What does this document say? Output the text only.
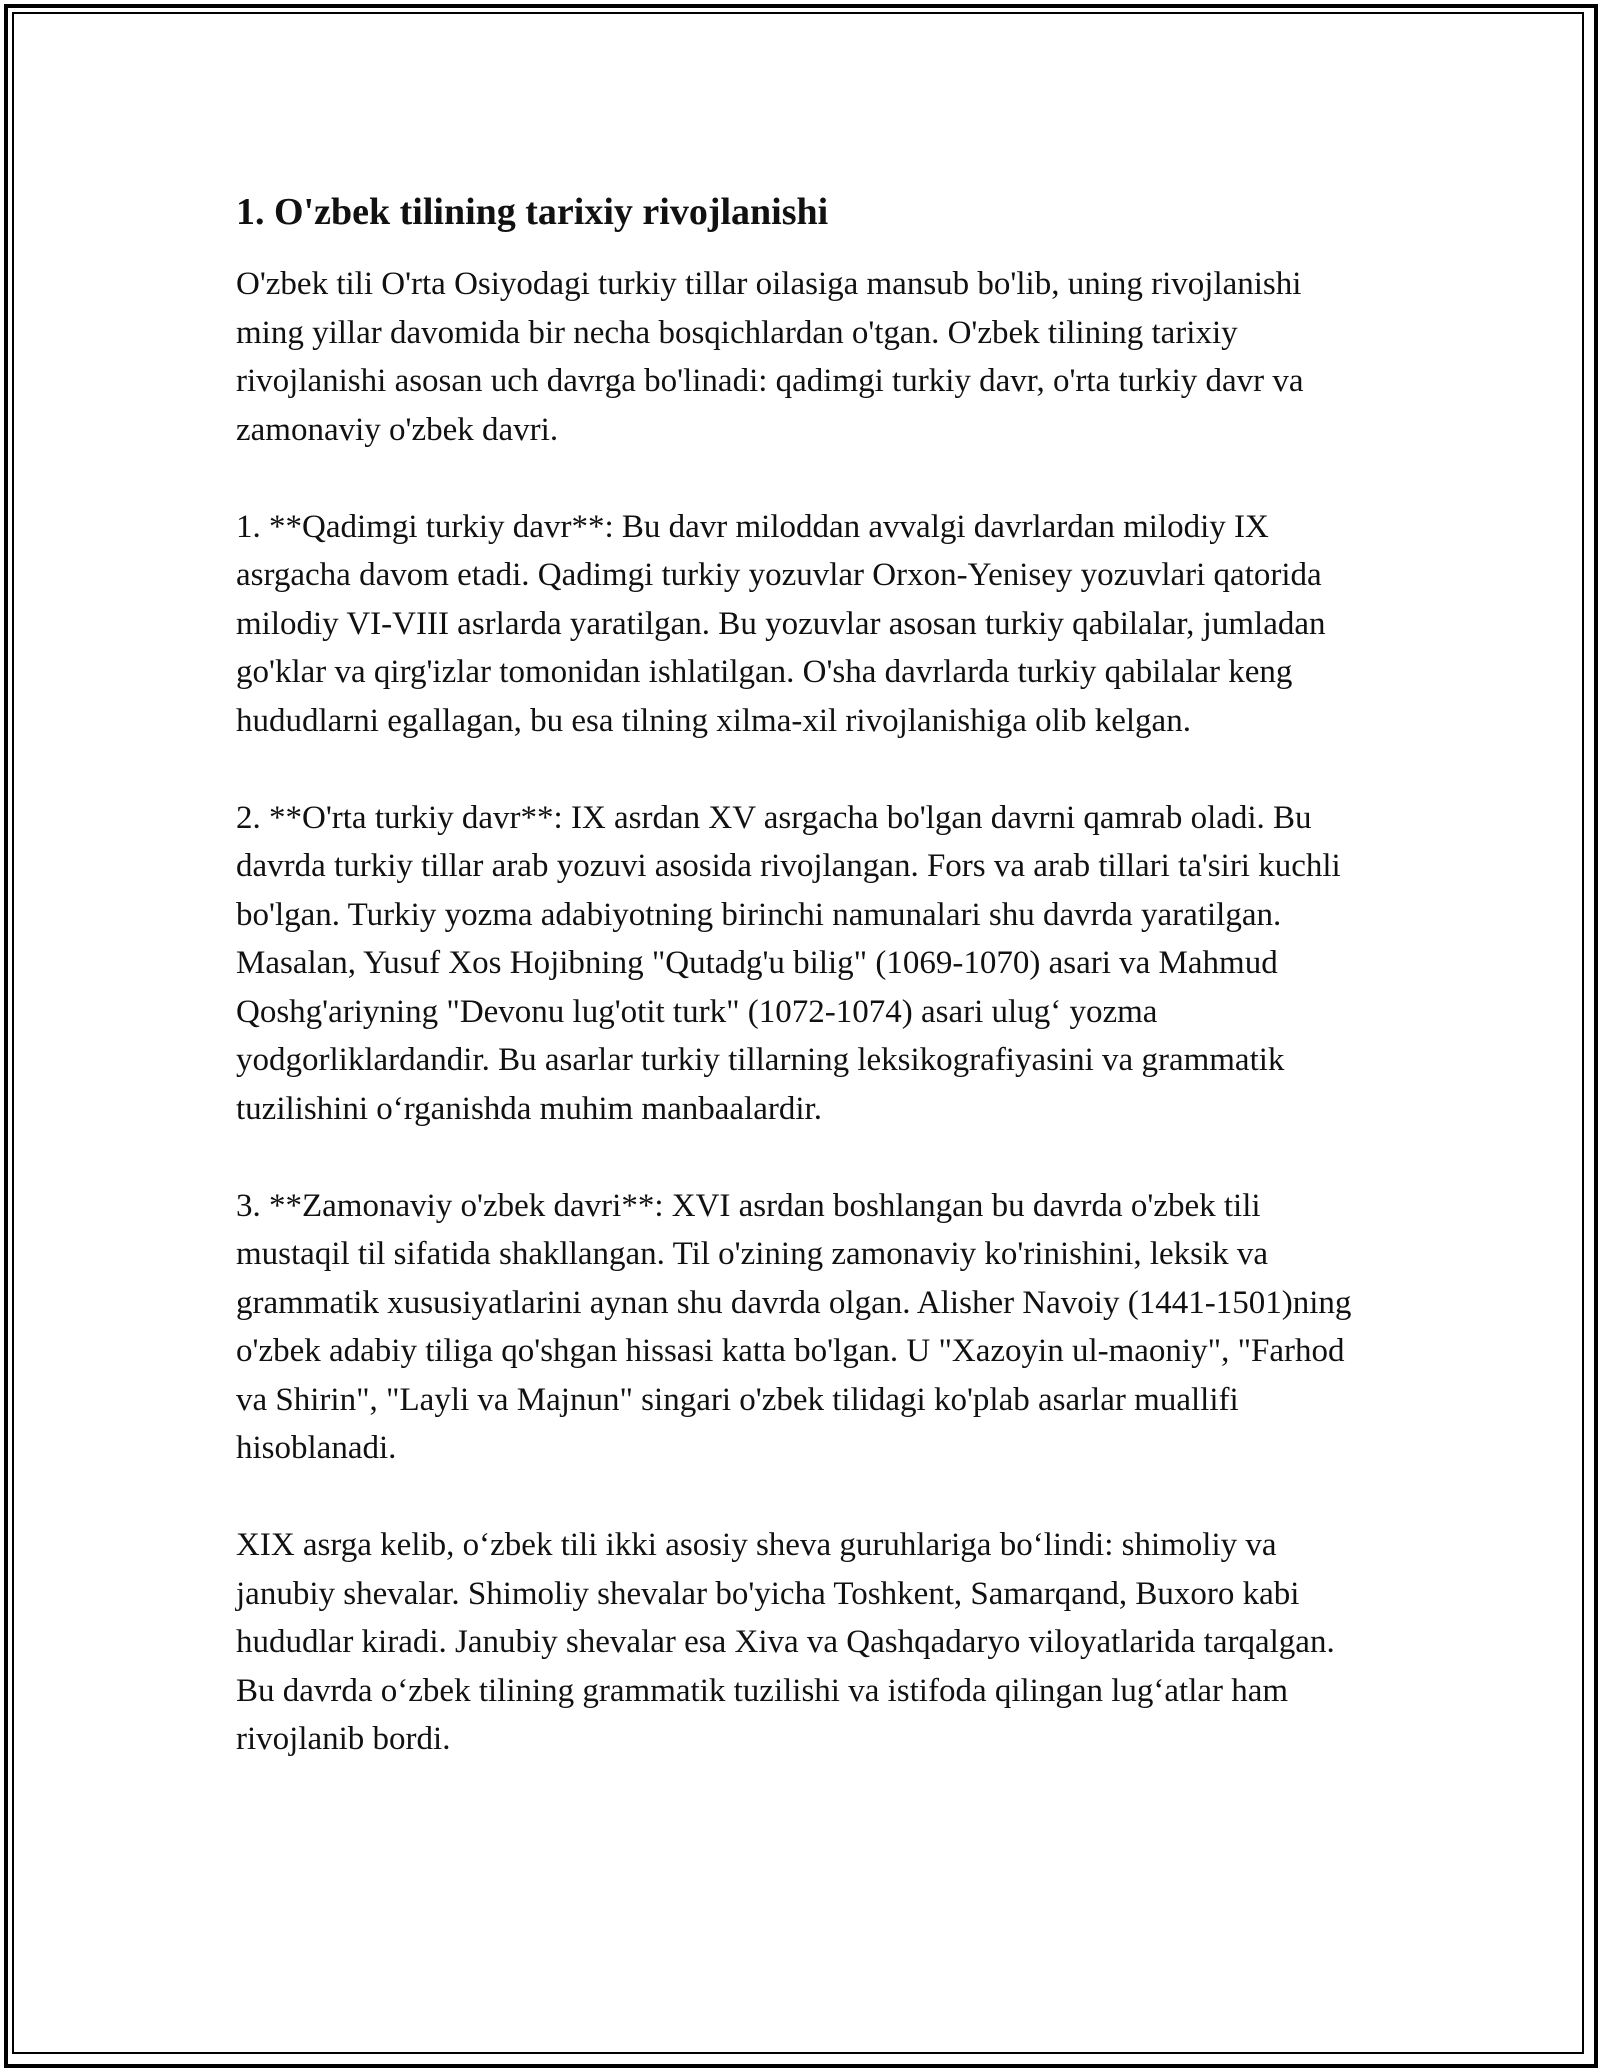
1. O'zbek tilining tarixiy rivojlanishi

O'zbek tili O'rta Osiyodagi turkiy tillar oilasiga mansub bo'lib, uning rivojlanishi ming yillar davomida bir necha bosqichlardan o'tgan. O'zbek tilining tarixiy rivojlanishi asosan uch davrga bo'linadi: qadimgi turkiy davr, o'rta turkiy davr va zamonaviy o'zbek davri.

1. **Qadimgi turkiy davr**: Bu davr miloddan avvalgi davrlardan milodiy IX asrgacha davom etadi. Qadimgi turkiy yozuvlar Orxon-Yenisey yozuvlari qatorida milodiy VI-VIII asrlarda yaratilgan. Bu yozuvlar asosan turkiy qabilalar, jumladan go'klar va qirg'izlar tomonidan ishlatilgan. O'sha davrlarda turkiy qabilalar keng hududlarni egallagan, bu esa tilning xilma-xil rivojlanishiga olib kelgan.

2. **O'rta turkiy davr**: IX asrdan XV asrgacha bo'lgan davrni qamrab oladi. Bu davrda turkiy tillar arab yozuvi asosida rivojlangan. Fors va arab tillari ta'siri kuchli bo'lgan. Turkiy yozma adabiyotning birinchi namunalari shu davrda yaratilgan. Masalan, Yusuf Xos Hojibning "Qutadg'u bilig" (1069-1070) asari va Mahmud Qoshg'ariyning "Devonu lug'otit turk" (1072-1074) asari ulug‘ yozma yodgorliklardandir. Bu asarlar turkiy tillarning leksikografiyasini va grammatik tuzilishini o‘rganishda muhim manbaalardir.

3. **Zamonaviy o'zbek davri**: XVI asrdan boshlangan bu davrda o'zbek tili mustaqil til sifatida shakllangan. Til o'zining zamonaviy ko'rinishini, leksik va grammatik xususiyatlarini aynan shu davrda olgan. Alisher Navoiy (1441-1501)ning o'zbek adabiy tiliga qo'shgan hissasi katta bo'lgan. U "Xazoyin ul-maoniy", "Farhod va Shirin", "Layli va Majnun" singari o'zbek tilidagi ko'plab asarlar muallifi hisoblanadi.

XIX asrga kelib, o‘zbek tili ikki asosiy sheva guruhlariga bo‘lindi: shimoliy va janubiy shevalar. Shimoliy shevalar bo'yicha Toshkent, Samarqand, Buxoro kabi hududlar kiradi. Janubiy shevalar esa Xiva va Qashqadaryo viloyatlarida tarqalgan. Bu davrda o‘zbek tilining grammatik tuzilishi va istifoda qilingan lug‘atlar ham rivojlanib bordi.
